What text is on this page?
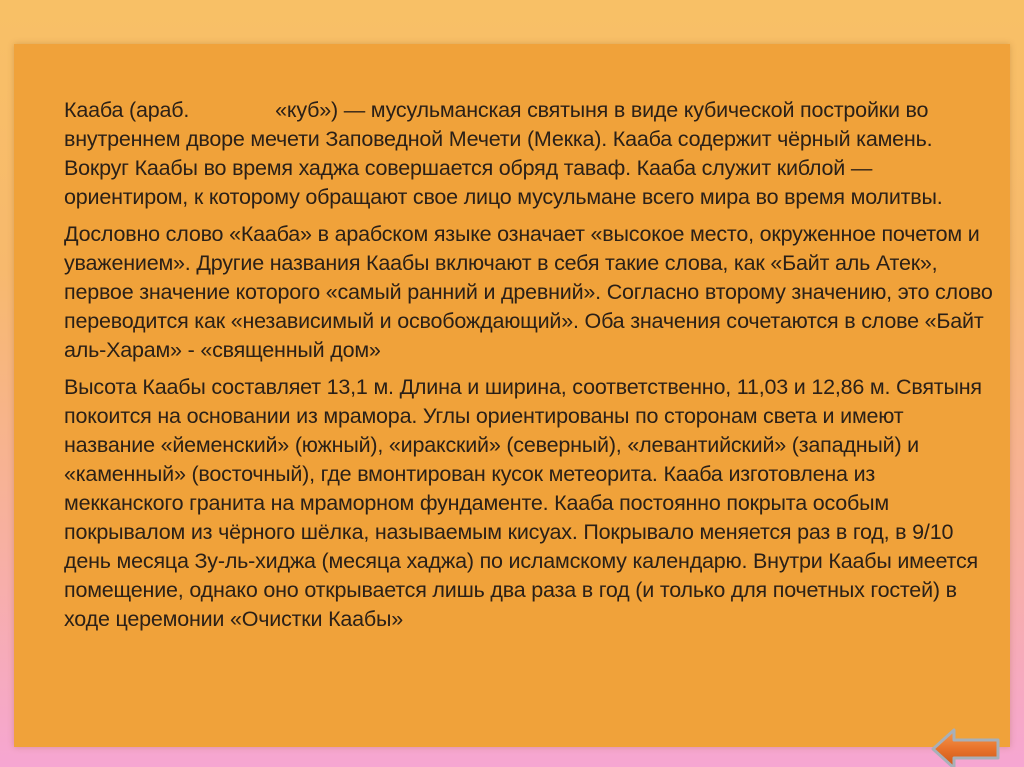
Кааба (араб.	«куб») — мусульманская святыня в виде кубической постройки во внутреннем дворе мечети Заповедной Мечети (Мекка). Кааба содержит чёрный камень. Вокруг Каабы во время хаджа совершается обряд таваф. Кааба служит киблой — ориентиром, к которому обращают свое лицо мусульмане всего мира во время молитвы.

Дословно слово «Кааба» в арабском языке означает «высокое место, окруженное почетом и уважением». Другие названия Каабы включают в себя такие слова, как «Байт аль Атек», первое значение которого «самый ранний и древний». Согласно второму значению, это слово переводится как «независимый и освобождающий». Оба значения сочетаются в слове «Байт аль-Харам» - «священный дом»

Высота Каабы составляет 13,1 м. Длина и ширина, соответственно, 11,03 и 12,86 м. Святыня покоится на основании из мрамора. Углы ориентированы по сторонам света и имеют название «йеменский» (южный), «иракский» (северный), «левантийский» (западный) и «каменный» (восточный), где вмонтирован кусок метеорита. Кааба изготовлена из мекканского гранита на мраморном фундаменте. Кааба постоянно покрыта особым покрывалом из чёрного шёлка, называемым кисуах. Покрывало меняется раз в год, в 9/10 день месяца Зу-ль-хиджа (месяца хаджа) по исламскому календарю. Внутри Каабы имеется помещение, однако оно открывается лишь два раза в год (и только для почетных гостей) в ходе церемонии «Очистки Каабы»
